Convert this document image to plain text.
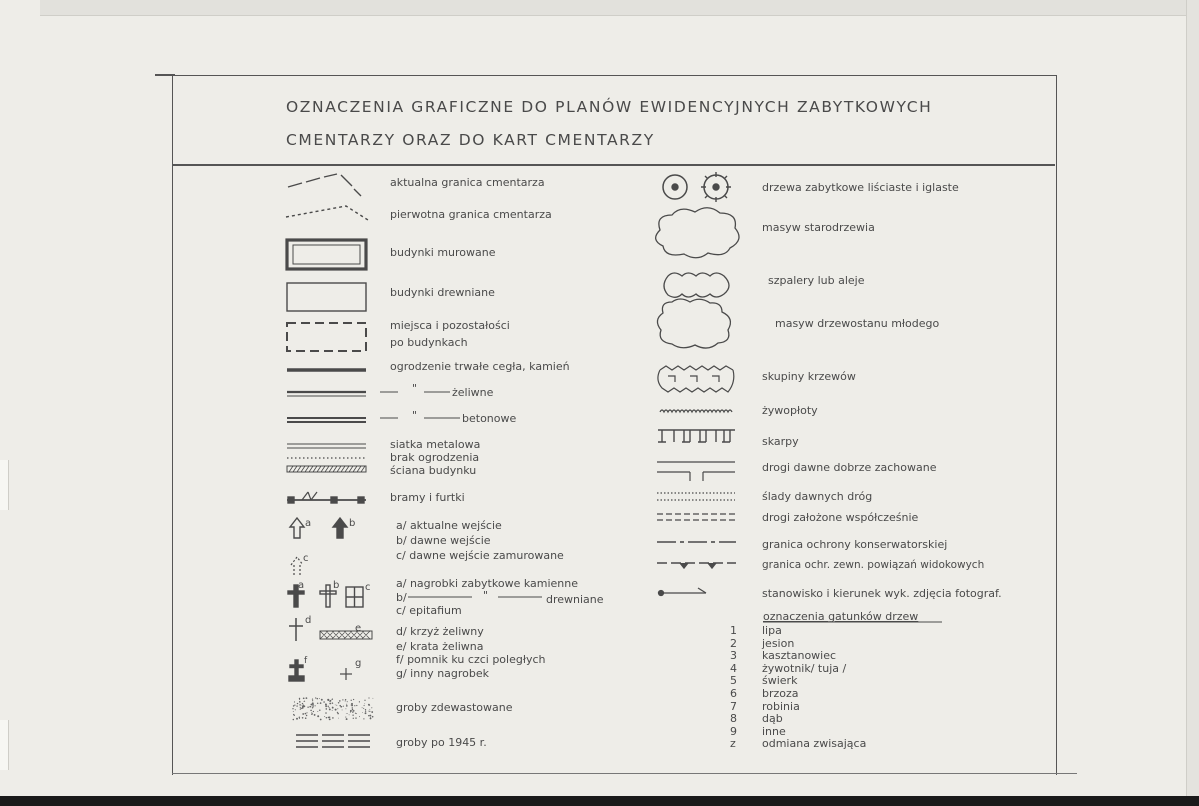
OZNACZENIA GRAFICZNE DO PLANÓW EWIDENCYJNYCH ZABYTKOWYCH
CMENTARZY ORAZ DO KART CMENTARZY
aktualna granica cmentarza
pierwotna granica cmentarza
budynki murowane
budynki drewniane
miejsca i pozostałości
po budynkach
ogrodzenie trwałe cegła, kamień
"	żeliwne
"	betonowe
siatka metalowa
brak ogrodzenia
ściana budynku
bramy i furtki
a/ aktualne wejście
b/ dawne wejście
c/ dawne wejście zamurowane
a/ nagrobki zabytkowe kamienne
b/	"	drewniane
c/ epitafium
d/ krzyż żeliwny
e/ krata żeliwna
f/ pomnik ku czci poległych
g/ inny nagrobek
groby zdewastowane
groby po 1945 r.
a	b
c
a	b	c
d
e
f	g
drzewa zabytkowe liściaste i iglaste
masyw starodrzewia
szpalery lub aleje
masyw drzewostanu młodego
skupiny krzewów
żywopłoty
skarpy
drogi dawne dobrze zachowane
ślady dawnych dróg
drogi założone współcześnie
granica ochrony konserwatorskiej
granica ochr. zewn. powiązań widokowych
stanowisko i kierunek wyk. zdjęcia fotograf.
oznaczenia gatunków drzew
1 lipa
2 jesion
3 kasztanowiec
4 żywotnik/ tuja /
5 świerk
6 brzoza
7 robinia
8 dąb
9 inne
z odmiana zwisająca
